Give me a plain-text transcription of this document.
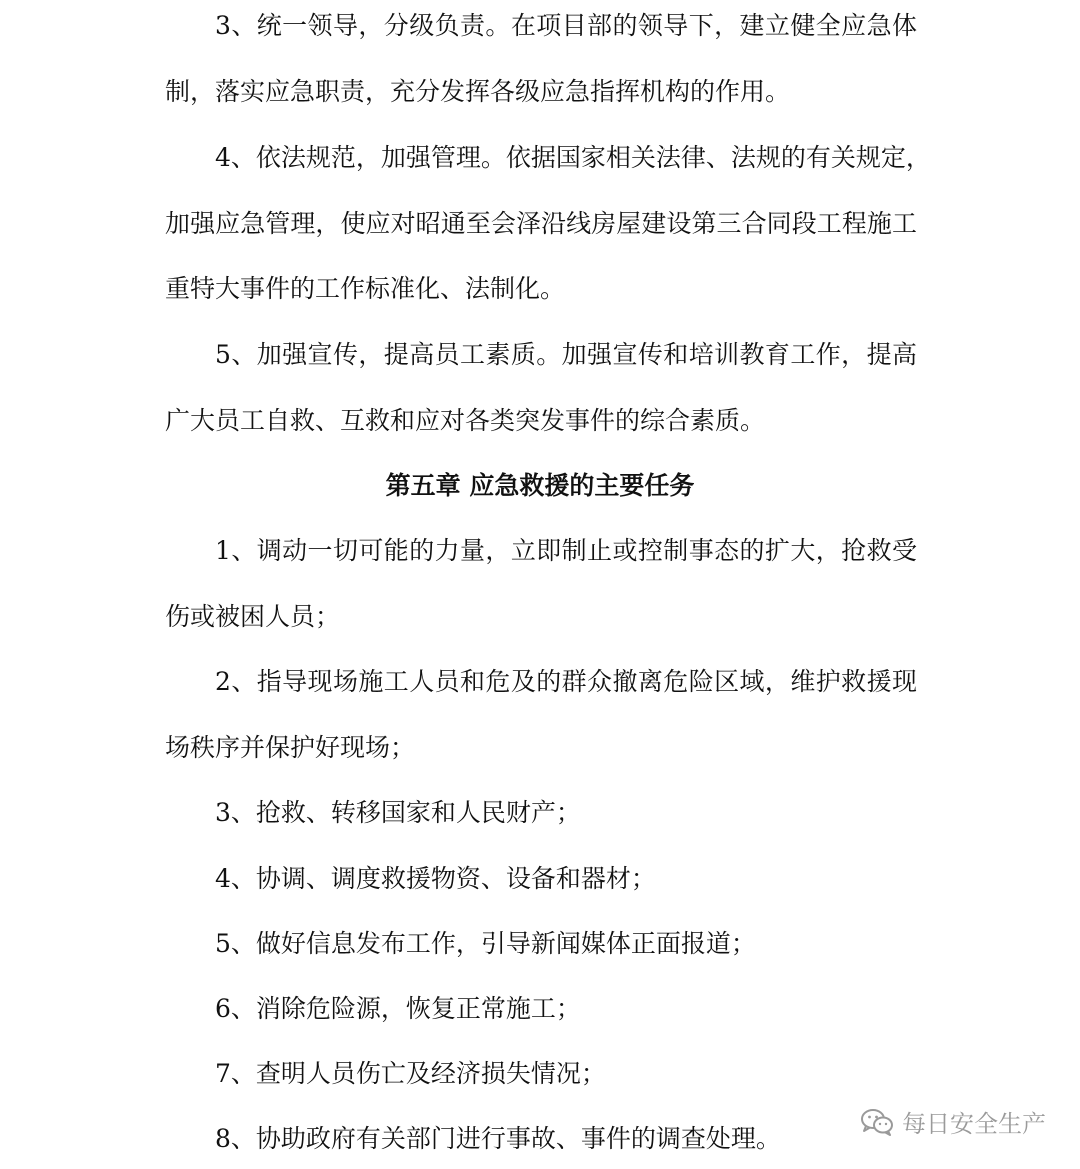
3、统一领导，分级负责。在项目部的领导下，建立健全应急体
制，落实应急职责，充分发挥各级应急指挥机构的作用。
4、依法规范，加强管理。依据国家相关法律、法规的有关规定，
加强应急管理，使应对昭通至会泽沿线房屋建设第三合同段工程施工
重特大事件的工作标准化、法制化。
5、加强宣传，提高员工素质。加强宣传和培训教育工作，提高
广大员工自救、互救和应对各类突发事件的综合素质。
第五章 应急救援的主要任务
1、调动一切可能的力量，立即制止或控制事态的扩大，抢救受
伤或被困人员；
2、指导现场施工人员和危及的群众撤离危险区域，维护救援现
场秩序并保护好现场；
3、抢救、转移国家和人民财产；
4、协调、调度救援物资、设备和器材；
5、做好信息发布工作，引导新闻媒体正面报道；
6、消除危险源，恢复正常施工；
7、查明人员伤亡及经济损失情况；
8、协助政府有关部门进行事故、事件的调查处理。	每日安全生产
